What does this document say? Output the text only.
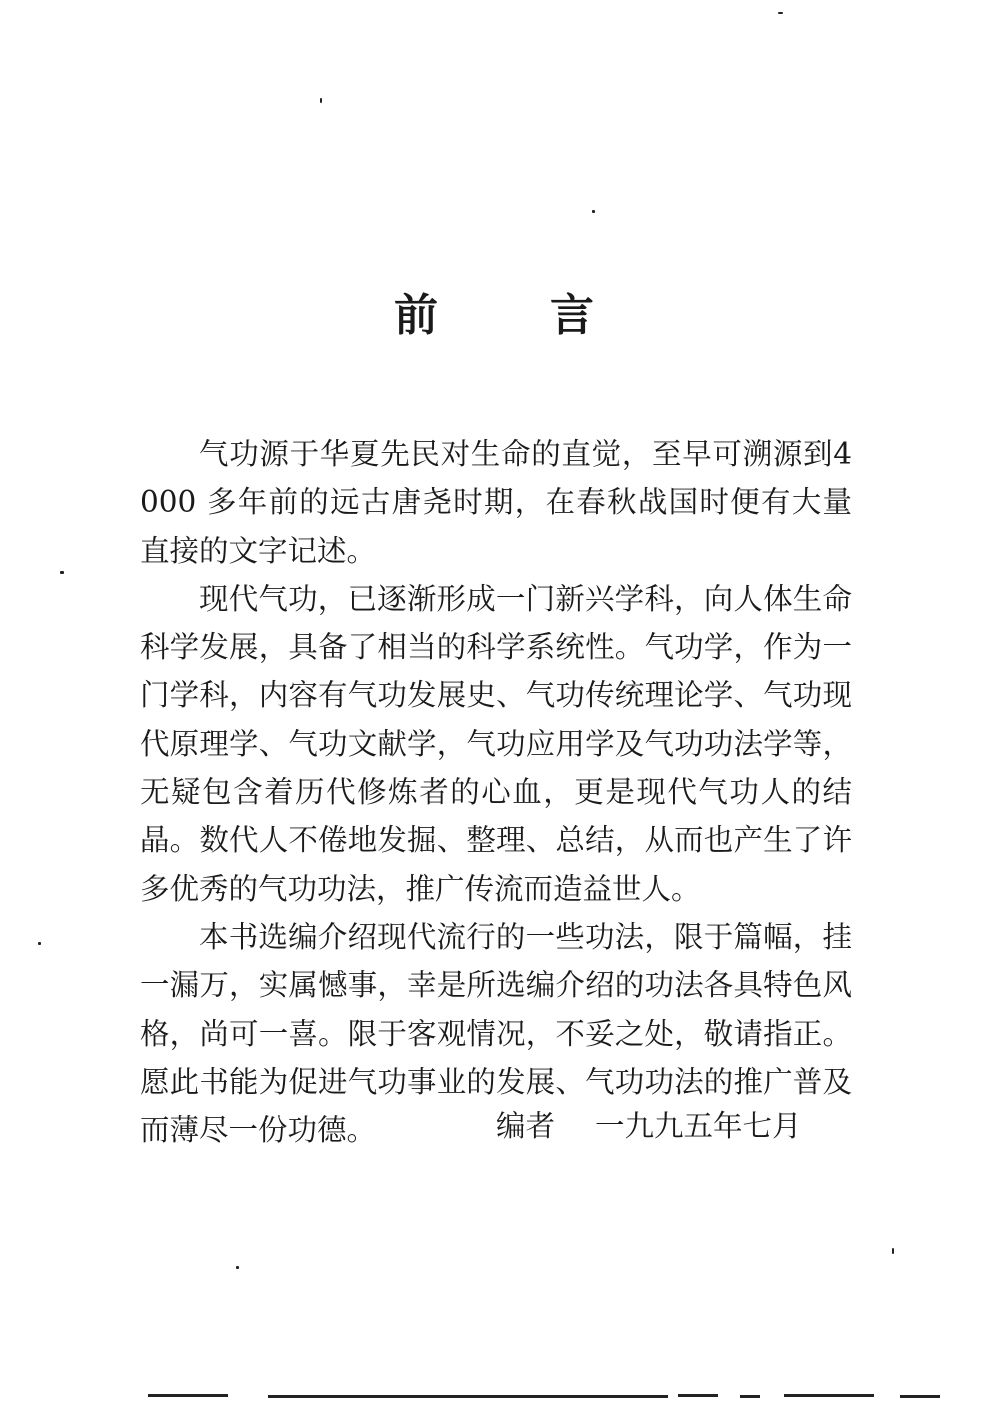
前	言

气功源于华夏先民对生命的直觉，至早可溯源到4000 多年前的远古唐尧时期，在春秋战国时便有大量直接的文字记述。

现代气功，已逐渐形成一门新兴学科，向人体生命科学发展，具备了相当的科学系统性。气功学，作为一门学科，内容有气功发展史、气功传统理论学、气功现代原理学、气功文献学，气功应用学及气功功法学等，无疑包含着历代修炼者的心血，更是现代气功人的结晶。数代人不倦地发掘、整理、总结，从而也产生了许多优秀的气功功法，推广传流而造益世人。

本书选编介绍现代流行的一些功法，限于篇幅，挂一漏万，实属憾事，幸是所选编介绍的功法各具特色风格，尚可一喜。限于客观情况，不妥之处，敬请指正。愿此书能为促进气功事业的发展、气功功法的推广普及而薄尽一份功德。	编者 一九九五年七月
